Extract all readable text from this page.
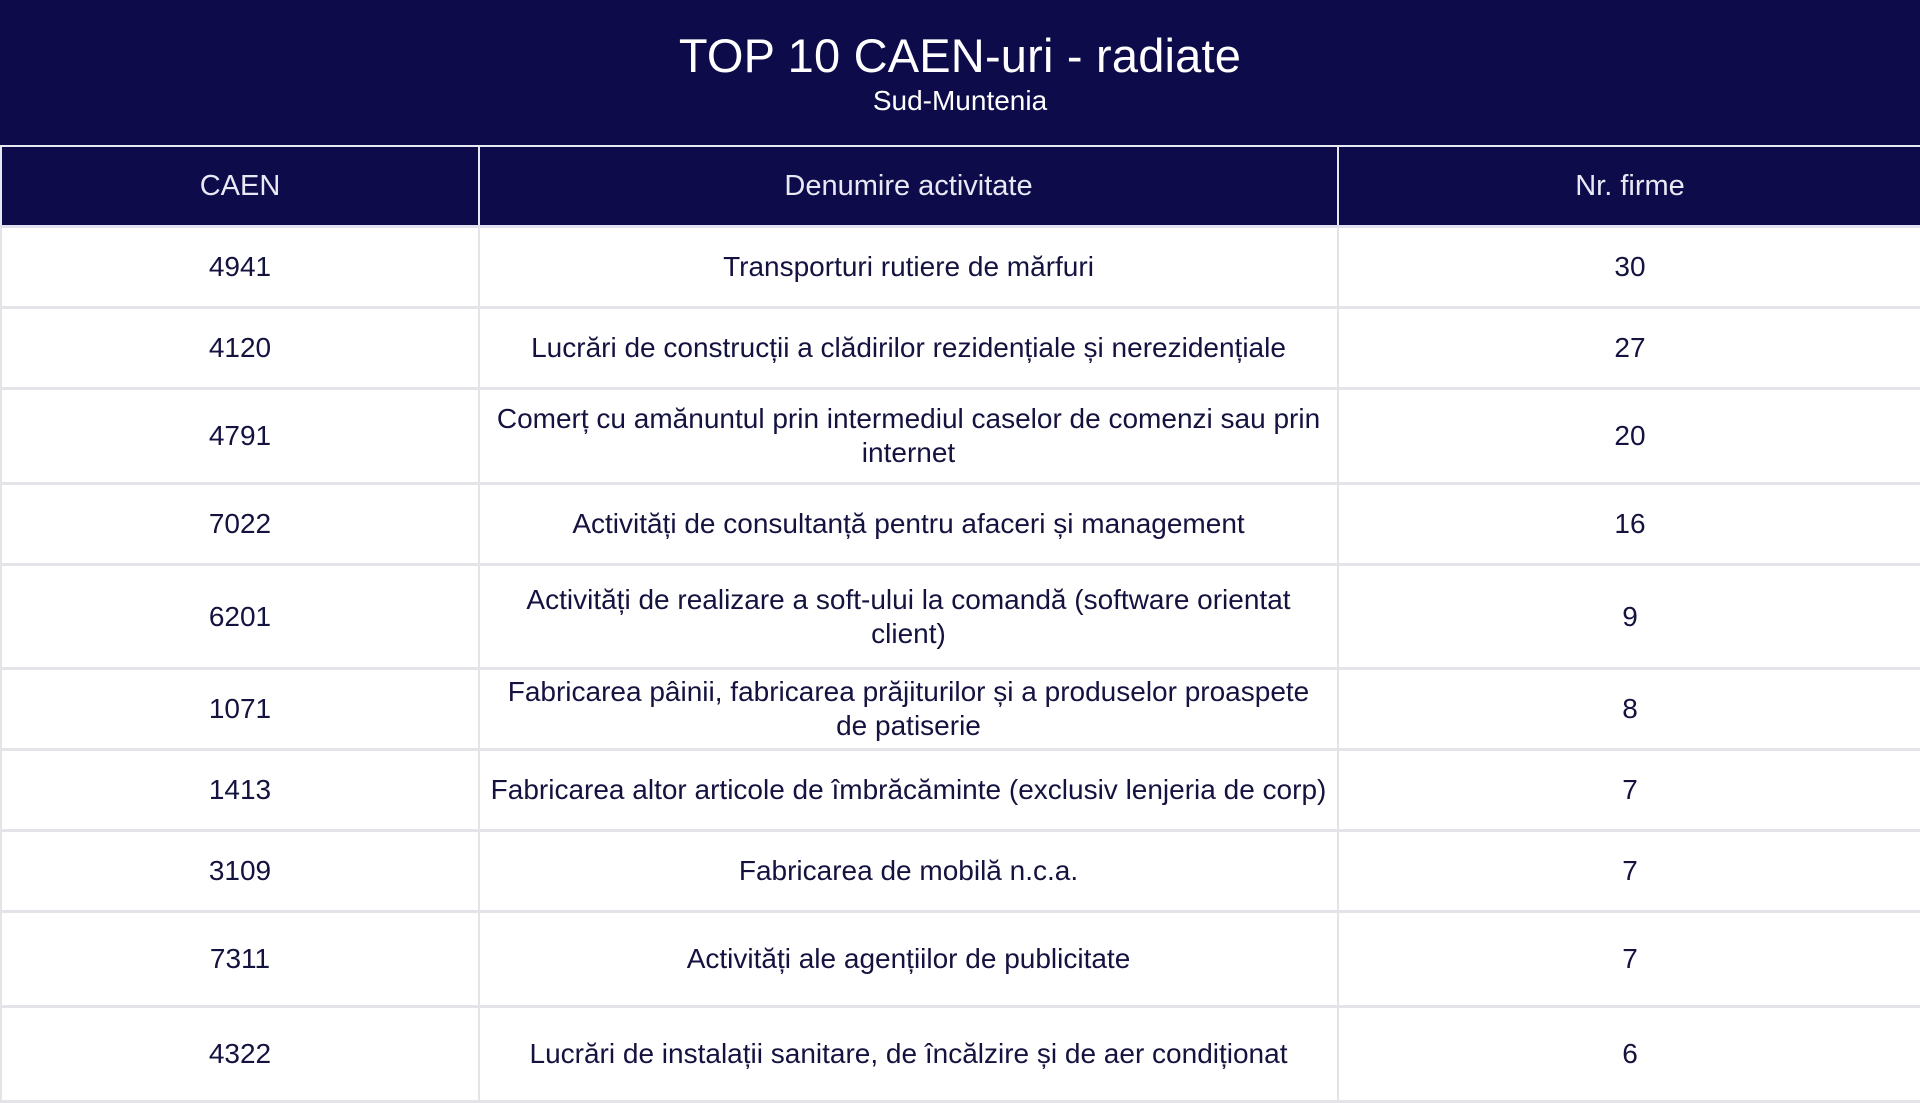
TOP 10 CAEN-uri - radiate
Sud-Muntenia
CAEN	Denumire activitate	Nr. firme
4941	Transporturi rutiere de mărfuri	30
4120	Lucrări de construcții a clădirilor rezidențiale și nerezidențiale	27
4791	Comerț cu amănuntul prin intermediul caselor de comenzi sau prin internet	20
7022	Activități de consultanță pentru afaceri și management	16
6201	Activități de realizare a soft-ului la comandă (software orientat client)	9
1071	Fabricarea pâinii, fabricarea prăjiturilor și a produselor proaspete de patiserie	8
1413	Fabricarea altor articole de îmbrăcăminte (exclusiv lenjeria de corp)	7
3109	Fabricarea de mobilă n.c.a.	7
7311	Activități ale agențiilor de publicitate	7
4322	Lucrări de instalații sanitare, de încălzire și de aer condiționat	6
